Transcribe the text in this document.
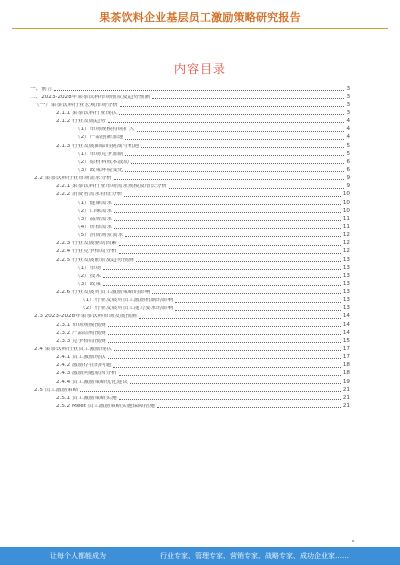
果茶饮料企业基层员工激励策略研究报告
内容目录
一、前言	3
二、2023-2028年果茶饮料市场前景及趋势预测	3
（一）果茶饮料行业宏观市场分析	3
2.1.1 果茶饮料行业现状	3
2.1.2 行业发展趋势	4
（1）市场规模持续扩大	4
（2）产品创新加速	4
2.1.3 行业发展面临的挑战与机遇	5
（1）市场竞争加剧	5
（2）原材料成本波动	6
（3）政策环境变化	6
2.2 果茶饮料行业市场需求分析	9
2.2.1 果茶饮料行业市场需求规模及增长分析	9
2.2.2 消费者需求特征分析	10
（1）健康需求	10
（2）口味需求	10
（3）品牌需求	11
（4）价格需求	11
（5）消费场景需求	12
2.2.3 行业发展驱动因素	12
2.2.4 行业竞争格局分析	12
2.2.5 行业发展前景及趋势预测	13
（1）市场	13
（2）技术	13
（3）政策	13
2.2.6 行业发展对员工激励策略的影响	13
（1）行业发展对员工激励机制的影响	13
（2）行业发展对员工能力要求的影响	13
2.3 2023-2028年果茶饮料市场发展预测	14
2.3.1 市场规模预测	14
2.3.2 产品结构预测	14
2.3.3 竞争格局预测	15
2.4 果茶饮料行业员工激励现状	17
2.4.1 员工激励现状	17
2.4.2 激励存在的问题	18
2.4.3 激励问题原因分析	18
2.4.4 员工激励策略优化建议	19
2.5 员工激励策略	21
2.5.1 员工激励策略实施	21
2.5.2 Meet 员工激励策略实施保障措施	21
让每个人都能成为	行业专家、管理专家、营销专家、战略专家、成功企业家……
